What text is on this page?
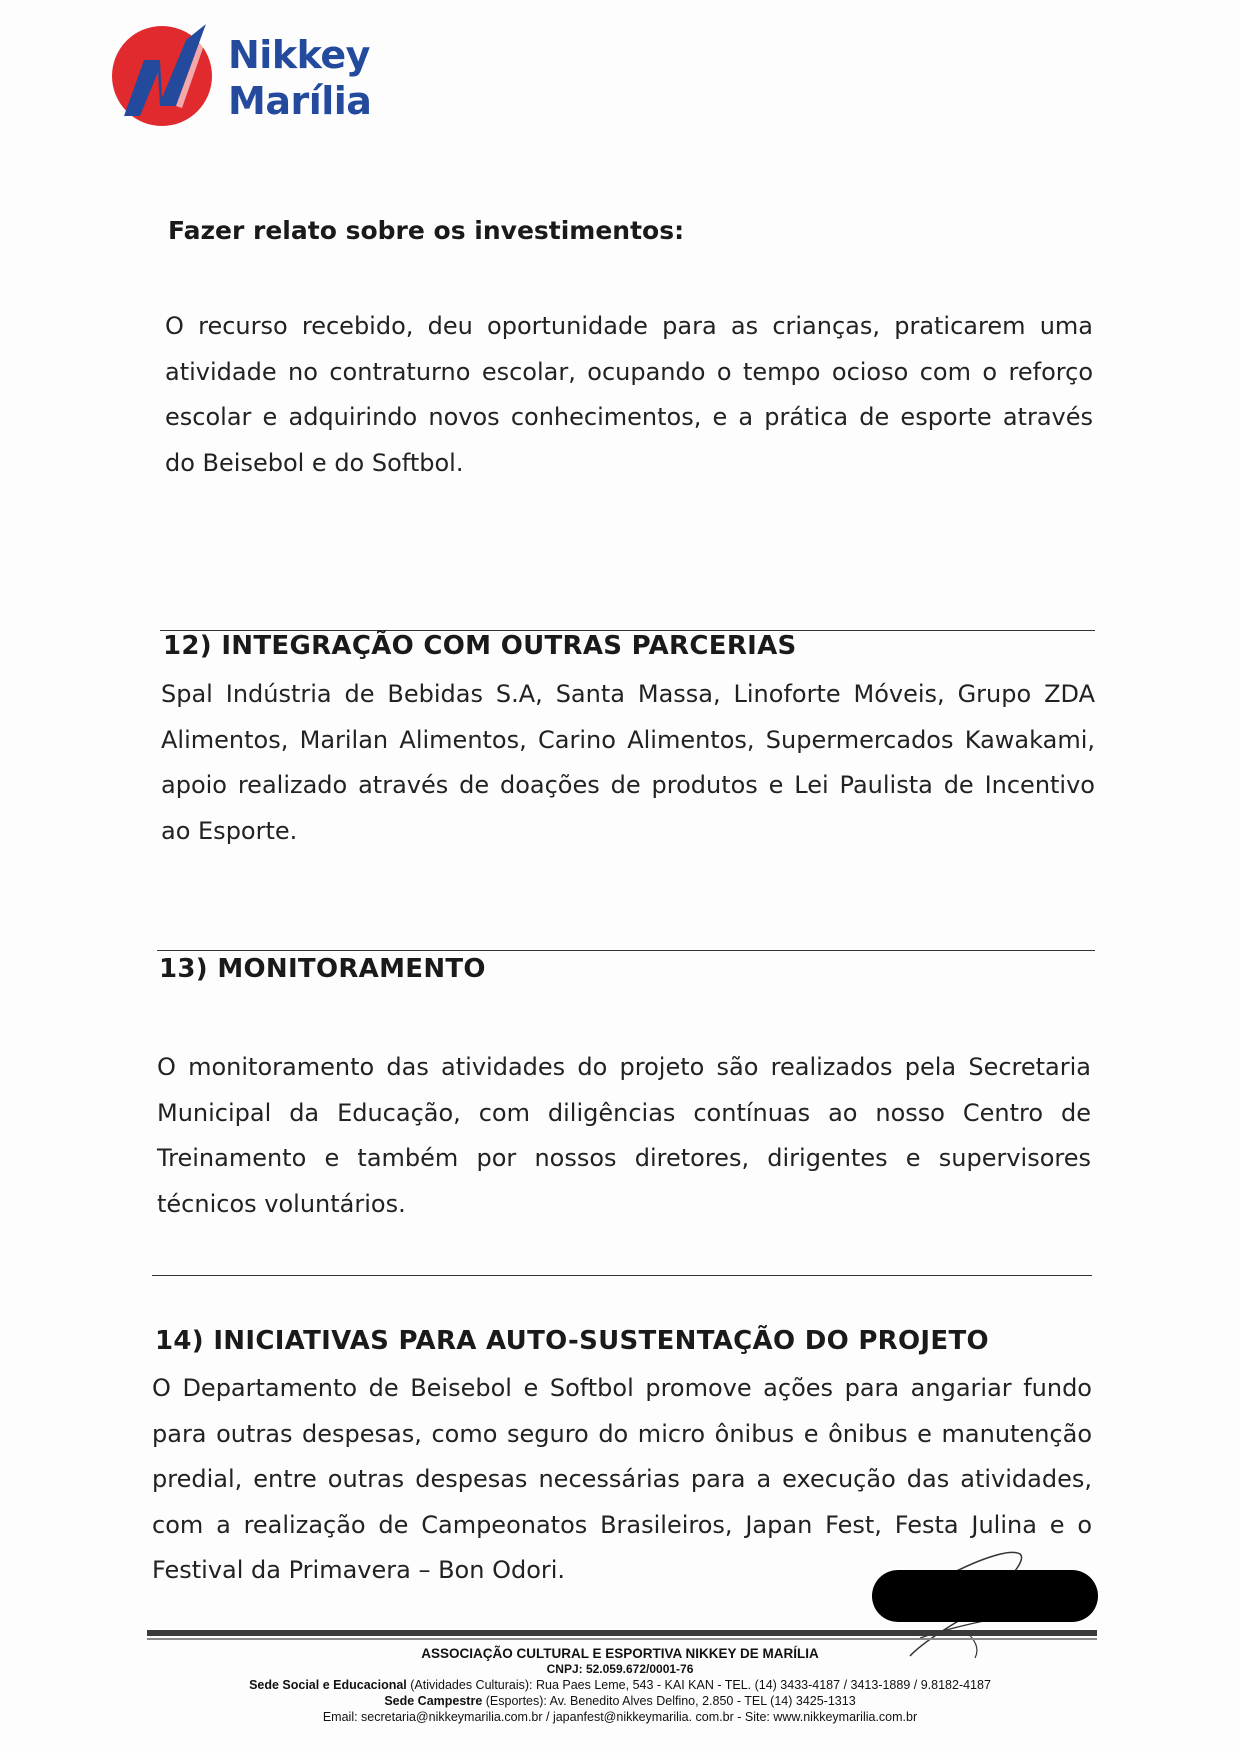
Nikkey
Marília
Fazer relato sobre os investimentos:
O recurso recebido, deu oportunidade para as crianças, praticarem uma atividade no contraturno escolar, ocupando o tempo ocioso com o reforço escolar e adquirindo novos conhecimentos, e a prática de esporte através do Beisebol e do Softbol.
12) INTEGRAÇÃO COM OUTRAS PARCERIAS
Spal Indústria de Bebidas S.A, Santa Massa, Linoforte Móveis, Grupo ZDA Alimentos, Marilan Alimentos, Carino Alimentos, Supermercados Kawakami, apoio realizado através de doações de produtos e Lei Paulista de Incentivo ao Esporte.
13) MONITORAMENTO
O monitoramento das atividades do projeto são realizados pela Secretaria Municipal da Educação, com diligências contínuas ao nosso Centro de Treinamento e também por nossos diretores, dirigentes e supervisores técnicos voluntários.
14) INICIATIVAS PARA AUTO-SUSTENTAÇÃO DO PROJETO
O Departamento de Beisebol e Softbol promove ações para angariar fundo para outras despesas, como seguro do micro ônibus e ônibus e manutenção predial, entre outras despesas necessárias para a execução das atividades, com a realização de Campeonatos Brasileiros, Japan Fest, Festa Julina e o Festival da Primavera – Bon Odori.
ASSOCIAÇÃO CULTURAL E ESPORTIVA NIKKEY DE MARÍLIA
CNPJ: 52.059.672/0001-76
Sede Social e Educacional (Atividades Culturais): Rua Paes Leme, 543 - KAI KAN - TEL. (14) 3433-4187 / 3413-1889 / 9.8182-4187
Sede Campestre (Esportes): Av. Benedito Alves Delfino, 2.850 - TEL (14) 3425-1313
Email: secretaria@nikkeymarilia.com.br / japanfest@nikkeymarilia. com.br - Site: www.nikkeymarilia.com.br
